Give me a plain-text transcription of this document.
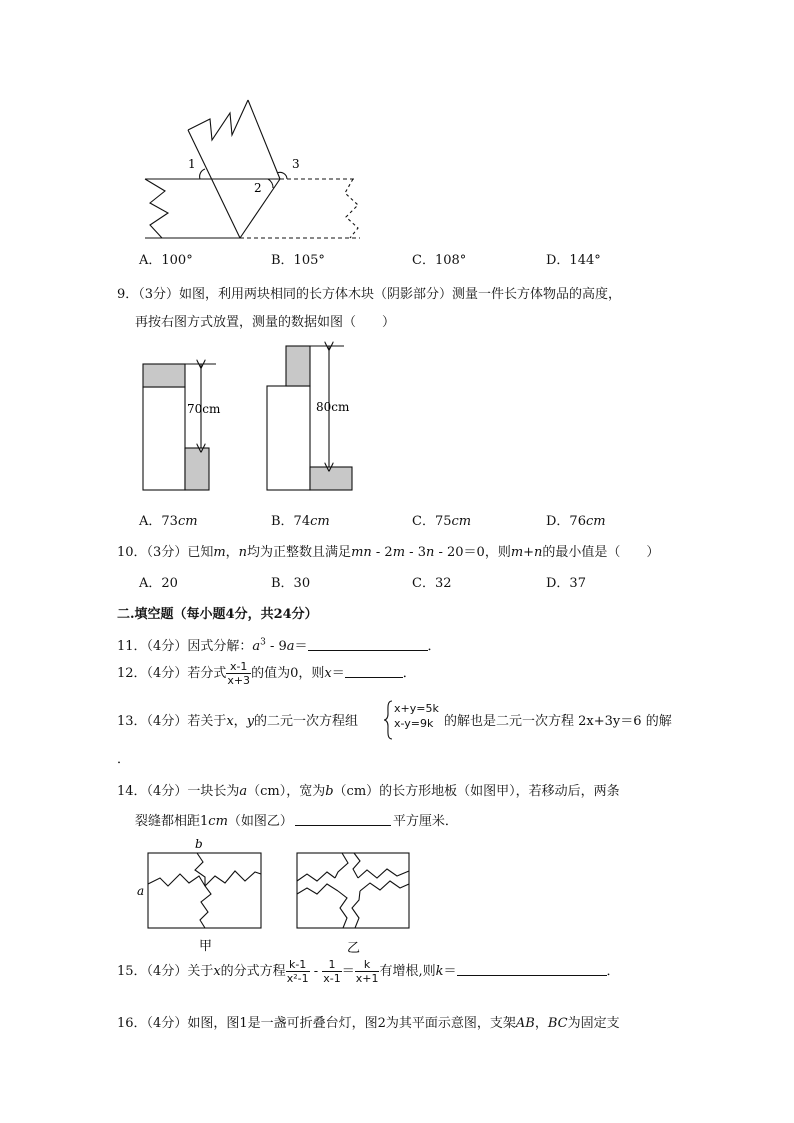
1
2
3
A．100°	B．105°	C．108°	D．144°
9．（3分）如图，利用两块相同的长方体木块（阴影部分）测量一件长方体物品的高度，
再按右图方式放置，测量的数据如图（　　）
70cm	80cm
A．73cm	B．74cm	C．75cm	D．76cm
10．（3分）已知m，n均为正整数且满足mn - 2m - 3n - 20＝0，则m+n的最小值是（　　）
A．20	B．30	C．32	D．37
二.填空题（每小题4分，共24分）
11．（4分）因式分解：$a^3 - 9a=$	．
12．（4分）若分式 $\frac{x-1}{x+3}$ 的值为0，则x＝	．
13．（4分）若关于x，y的二元一次方程组
x+y=5k
x-y=9k 的解也是二元一次方程 2x+3y＝6 的解
．
14．（4分）一块长为a（cm），宽为b（cm）的长方形地板（如图甲），若移动后，两条
裂缝都相距1cm（如图乙）	平方厘米．
b
a
甲	乙
15．（4分）关于x的分式方程 $\frac{k-1}{\text{x²-1}} - \frac{1}{x-1} = \frac{k}{x+1}$ 有增根,则k＝	．
16．（4分）如图，图1是一盏可折叠台灯，图2为其平面示意图，支架AB，BC为固定支
